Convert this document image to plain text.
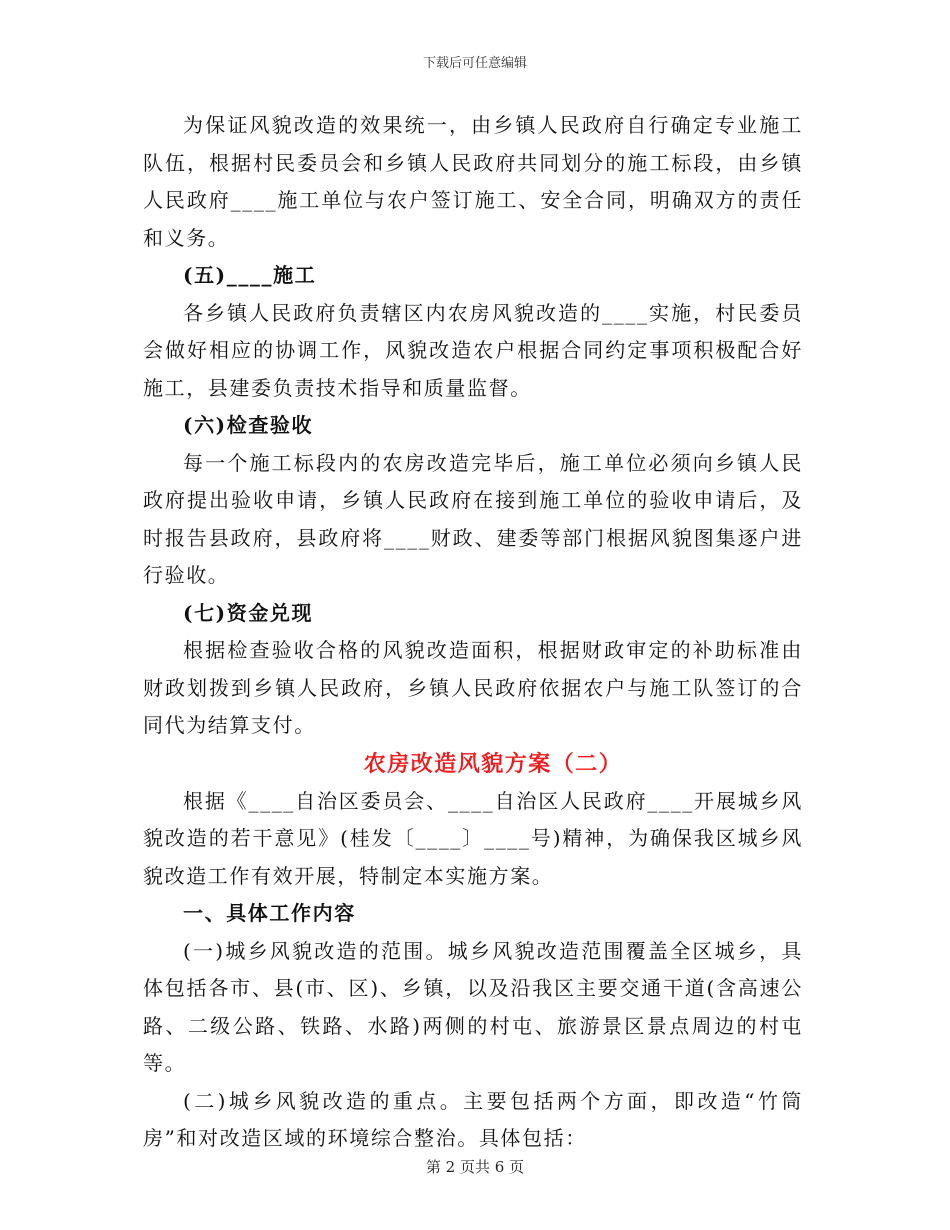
下载后可任意编辑

为保证风貌改造的效果统一，由乡镇人民政府自行确定专业施工队伍，根据村民委员会和乡镇人民政府共同划分的施工标段，由乡镇人民政府____施工单位与农户签订施工、安全合同，明确双方的责任和义务。

(五)____施工

各乡镇人民政府负责辖区内农房风貌改造的____实施，村民委员会做好相应的协调工作，风貌改造农户根据合同约定事项积极配合好施工，县建委负责技术指导和质量监督。

(六)检查验收

每一个施工标段内的农房改造完毕后，施工单位必须向乡镇人民政府提出验收申请，乡镇人民政府在接到施工单位的验收申请后，及时报告县政府，县政府将____财政、建委等部门根据风貌图集逐户进行验收。

(七)资金兑现

根据检查验收合格的风貌改造面积，根据财政审定的补助标准由财政划拨到乡镇人民政府，乡镇人民政府依据农户与施工队签订的合同代为结算支付。

农房改造风貌方案（二）

根据《____自治区委员会、____自治区人民政府____开展城乡风貌改造的若干意见》(桂发〔____〕____号)精神，为确保我区城乡风貌改造工作有效开展，特制定本实施方案。

一、具体工作内容

(一)城乡风貌改造的范围。城乡风貌改造范围覆盖全区城乡，具体包括各市、县(市、区)、乡镇，以及沿我区主要交通干道(含高速公路、二级公路、铁路、水路)两侧的村屯、旅游景区景点周边的村屯等。

(二)城乡风貌改造的重点。主要包括两个方面，即改造“竹筒房”和对改造区域的环境综合整治。具体包括：

第 2 页共 6 页
